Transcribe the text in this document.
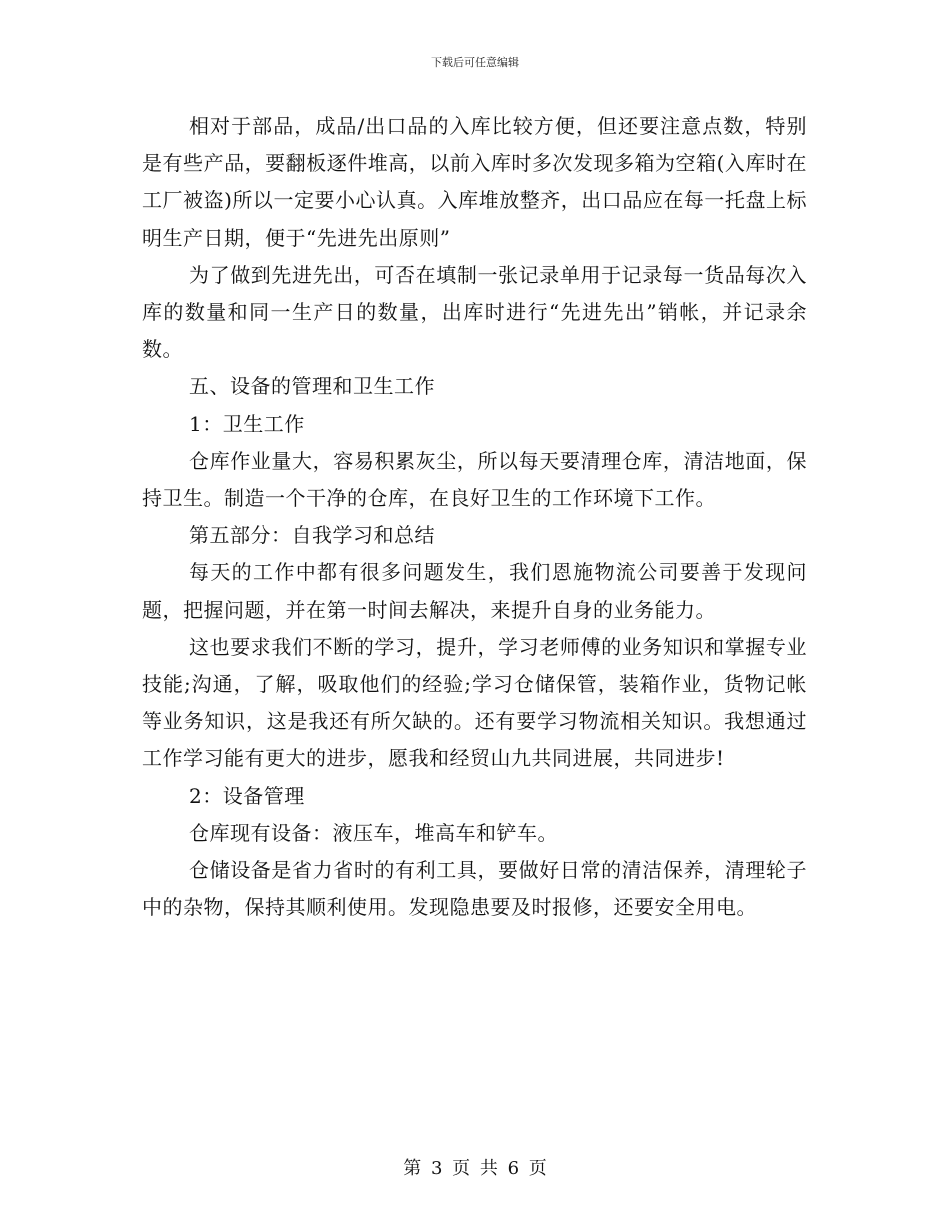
下载后可任意编辑

相对于部品，成品/出口品的入库比较方便，但还要注意点数，特别是有些产品，要翻板逐件堆高，以前入库时多次发现多箱为空箱(入库时在工厂被盗)所以一定要小心认真。入库堆放整齐，出口品应在每一托盘上标明生产日期，便于“先进先出原则”

为了做到先进先出，可否在填制一张记录单用于记录每一货品每次入库的数量和同一生产日的数量，出库时进行“先进先出”销帐，并记录余数。

五、设备的管理和卫生工作

1：卫生工作

仓库作业量大，容易积累灰尘，所以每天要清理仓库，清洁地面，保持卫生。制造一个干净的仓库，在良好卫生的工作环境下工作。

第五部分：自我学习和总结

每天的工作中都有很多问题发生，我们恩施物流公司要善于发现问题，把握问题，并在第一时间去解决，来提升自身的业务能力。

这也要求我们不断的学习，提升，学习老师傅的业务知识和掌握专业技能;沟通，了解，吸取他们的经验;学习仓储保管，装箱作业，货物记帐等业务知识，这是我还有所欠缺的。还有要学习物流相关知识。我想通过工作学习能有更大的进步，愿我和经贸山九共同进展，共同进步!

2：设备管理

仓库现有设备：液压车，堆高车和铲车。

仓储设备是省力省时的有利工具，要做好日常的清洁保养，清理轮子中的杂物，保持其顺利使用。发现隐患要及时报修，还要安全用电。

第 3 页 共 6 页
